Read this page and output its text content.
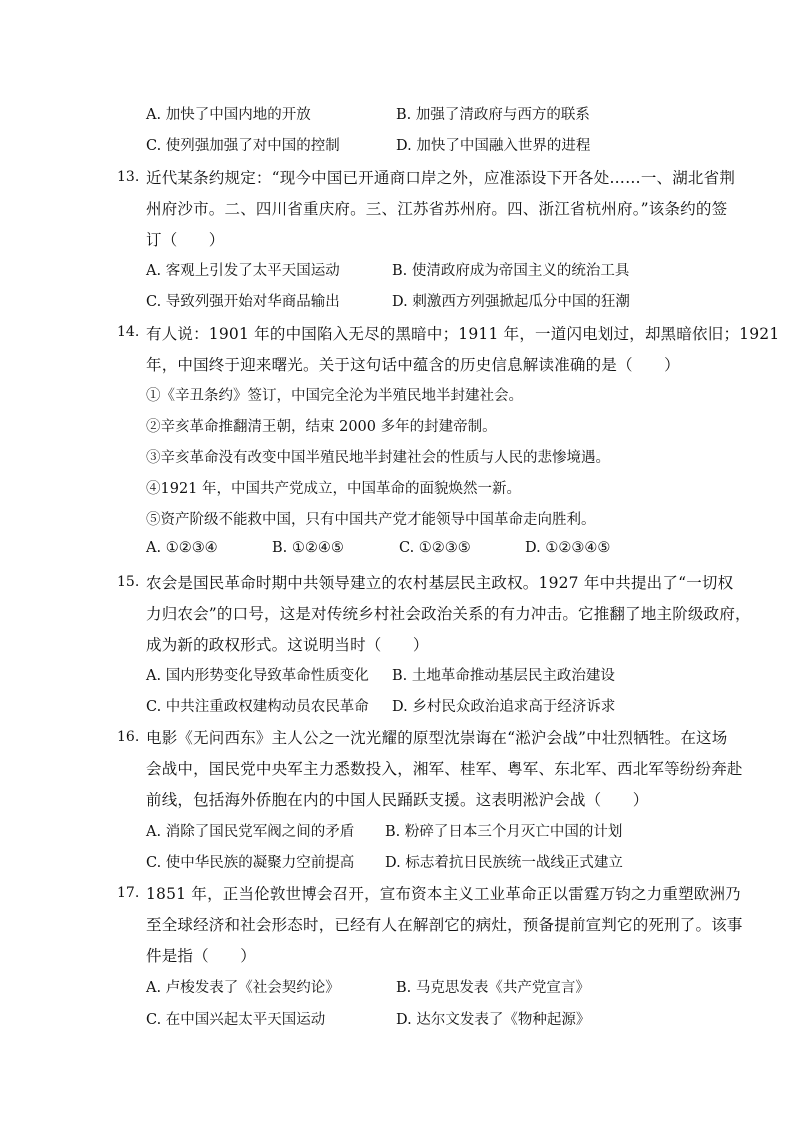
A. 加快了中国内地的开放	B. 加强了清政府与西方的联系
C. 使列强加强了对中国的控制	D. 加快了中国融入世界的进程
13. 近代某条约规定：“现今中国已开通商口岸之外，应准添设下开各处……一、湖北省荆
州府沙市。二、四川省重庆府。三、江苏省苏州府。四、浙江省杭州府。”该条约的签
订（　　）
A. 客观上引发了太平天国运动	B. 使清政府成为帝国主义的统治工具
C. 导致列强开始对华商品输出	D. 刺激西方列强掀起瓜分中国的狂潮
14. 有人说：1901 年的中国陷入无尽的黑暗中；1911 年，一道闪电划过，却黑暗依旧；1921
年，中国终于迎来曙光。关于这句话中蕴含的历史信息解读准确的是（　　）
①《辛丑条约》签订，中国完全沦为半殖民地半封建社会。
②辛亥革命推翻清王朝，结束 2000 多年的封建帝制。
③辛亥革命没有改变中国半殖民地半封建社会的性质与人民的悲惨境遇。
④1921 年，中国共产党成立，中国革命的面貌焕然一新。
⑤资产阶级不能救中国，只有中国共产党才能领导中国革命走向胜利。
A. ①②③④	B. ①②④⑤	C. ①②③⑤	D. ①②③④⑤
15. 农会是国民革命时期中共领导建立的农村基层民主政权。1927 年中共提出了“一切权
力归农会”的口号，这是对传统乡村社会政治关系的有力冲击。它推翻了地主阶级政府，
成为新的政权形式。这说明当时（　　）
A. 国内形势变化导致革命性质变化 B. 土地革命推动基层民主政治建设
C. 中共注重政权建构动员农民革命 D. 乡村民众政治追求高于经济诉求
16. 电影《无问西东》主人公之一沈光耀的原型沈崇诲在“淞沪会战”中壮烈牺牲。在这场
会战中，国民党中央军主力悉数投入，湘军、桂军、粤军、东北军、西北军等纷纷奔赴
前线，包括海外侨胞在内的中国人民踊跃支援。这表明淞沪会战（　　）
A. 消除了国民党军阀之间的矛盾 B. 粉碎了日本三个月灭亡中国的计划
C. 使中华民族的凝聚力空前提高 D. 标志着抗日民族统一战线正式建立
17. 1851 年，正当伦敦世博会召开，宣布资本主义工业革命正以雷霆万钧之力重塑欧洲乃
至全球经济和社会形态时，已经有人在解剖它的病灶，预备提前宣判它的死刑了。该事
件是指（　　）
A. 卢梭发表了《社会契约论》	B. 马克思发表《共产党宣言》
C. 在中国兴起太平天国运动	D. 达尔文发表了《物种起源》
